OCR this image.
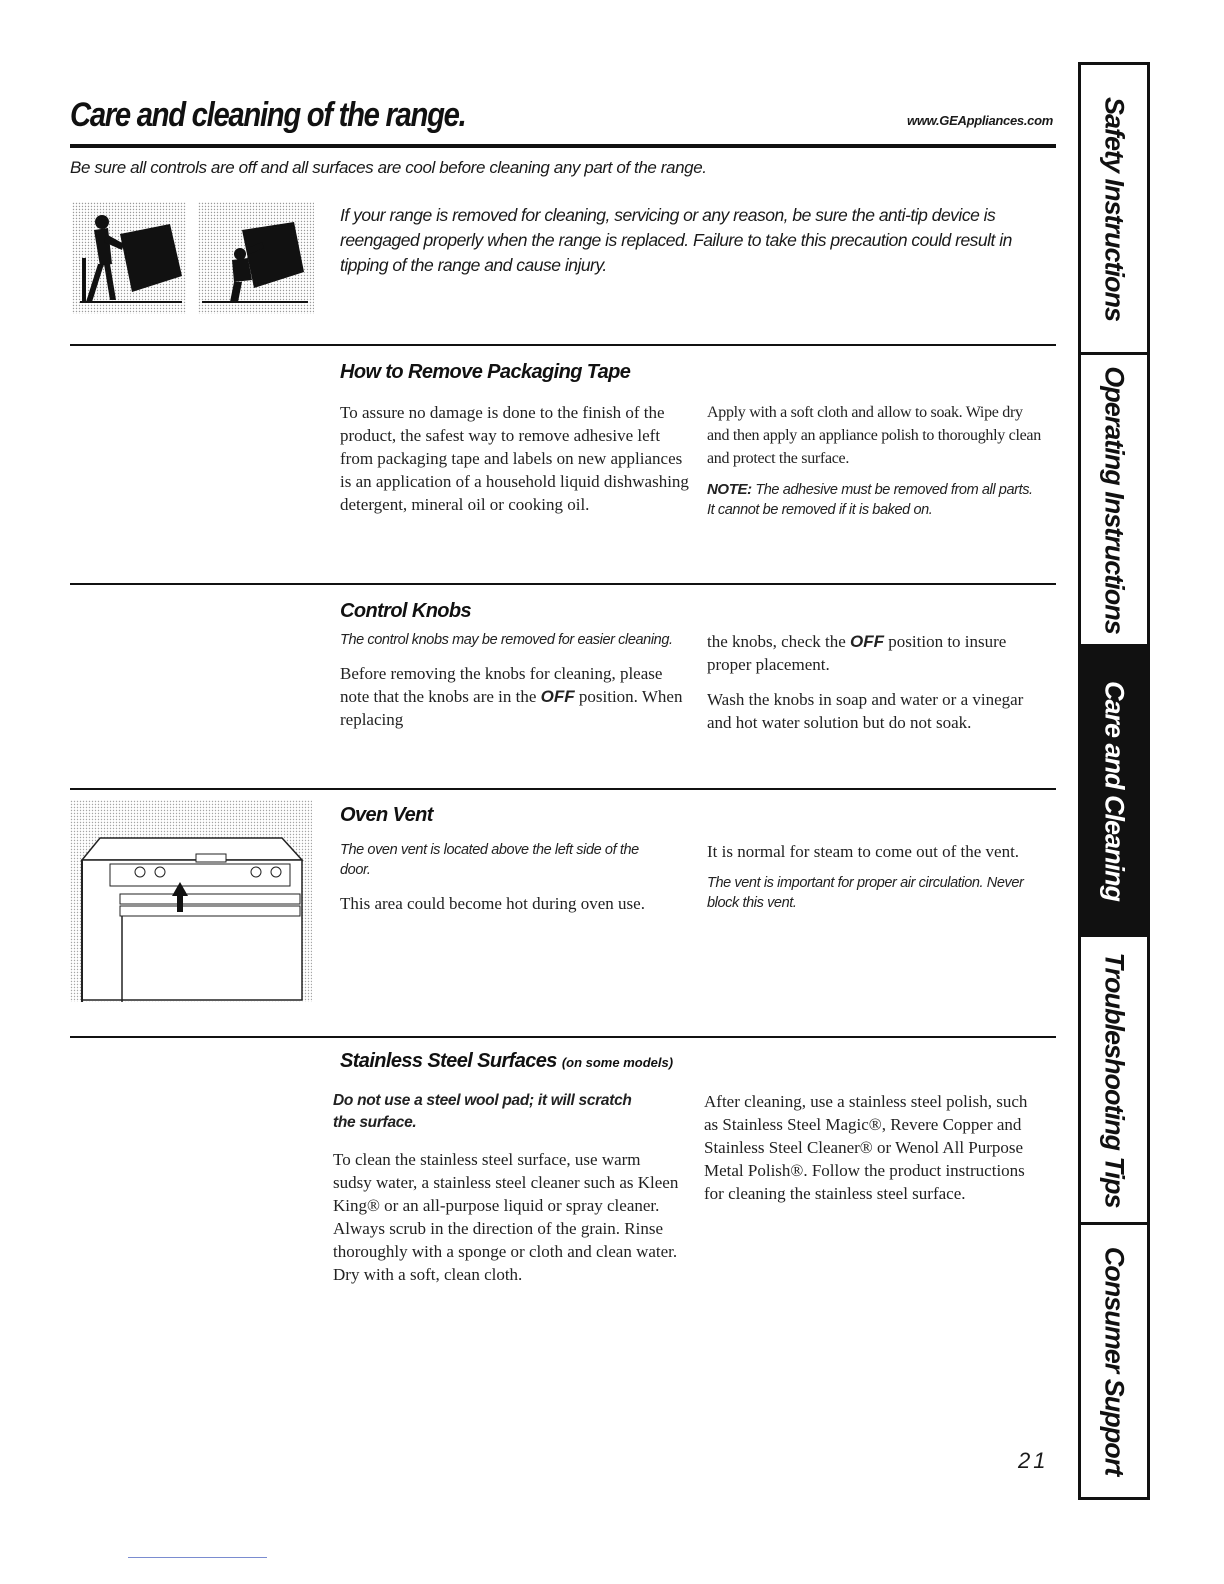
Care and cleaning of the range.	www.GEAppliances.com
Be sure all controls are off and all surfaces are cool before cleaning any part of the range.
If your range is removed for cleaning, servicing or any reason, be sure the anti-tip device is reengaged properly when the range is replaced. Failure to take this precaution could result in tipping of the range and cause injury.
How to Remove Packaging Tape

To assure no damage is done to the finish of the product, the safest way to remove adhesive left from packaging tape and labels on new appliances is an application of a household liquid dishwashing detergent, mineral oil or cooking oil.

Apply with a soft cloth and allow to soak. Wipe dry and then apply an appliance polish to thoroughly clean and protect the surface.

NOTE: The adhesive must be removed from all parts. It cannot be removed if it is baked on.

Control Knobs

The control knobs may be removed for easier cleaning.

Before removing the knobs for cleaning, please note that the knobs are in the OFF position. When replacing

the knobs, check the OFF position to insure proper placement.

Wash the knobs in soap and water or a vinegar and hot water solution but do not soak.

Oven Vent

The oven vent is located above the left side of the door.

This area could become hot during oven use.

It is normal for steam to come out of the vent.

The vent is important for proper air circulation. Never block this vent.

Stainless Steel Surfaces (on some models)

Do not use a steel wool pad; it will scratch the surface.

To clean the stainless steel surface, use warm sudsy water, a stainless steel cleaner such as Kleen King® or an all-purpose liquid or spray cleaner. Always scrub in the direction of the grain. Rinse thoroughly with a sponge or cloth and clean water. Dry with a soft, clean cloth.

After cleaning, use a stainless steel polish, such as Stainless Steel Magic®, Revere Copper and Stainless Steel Cleaner® or Wenol All Purpose Metal Polish®. Follow the product instructions for cleaning the stainless steel surface.

Safety Instructions
Operating Instructions
Care and Cleaning
Troubleshooting Tips
Consumer Support
21
